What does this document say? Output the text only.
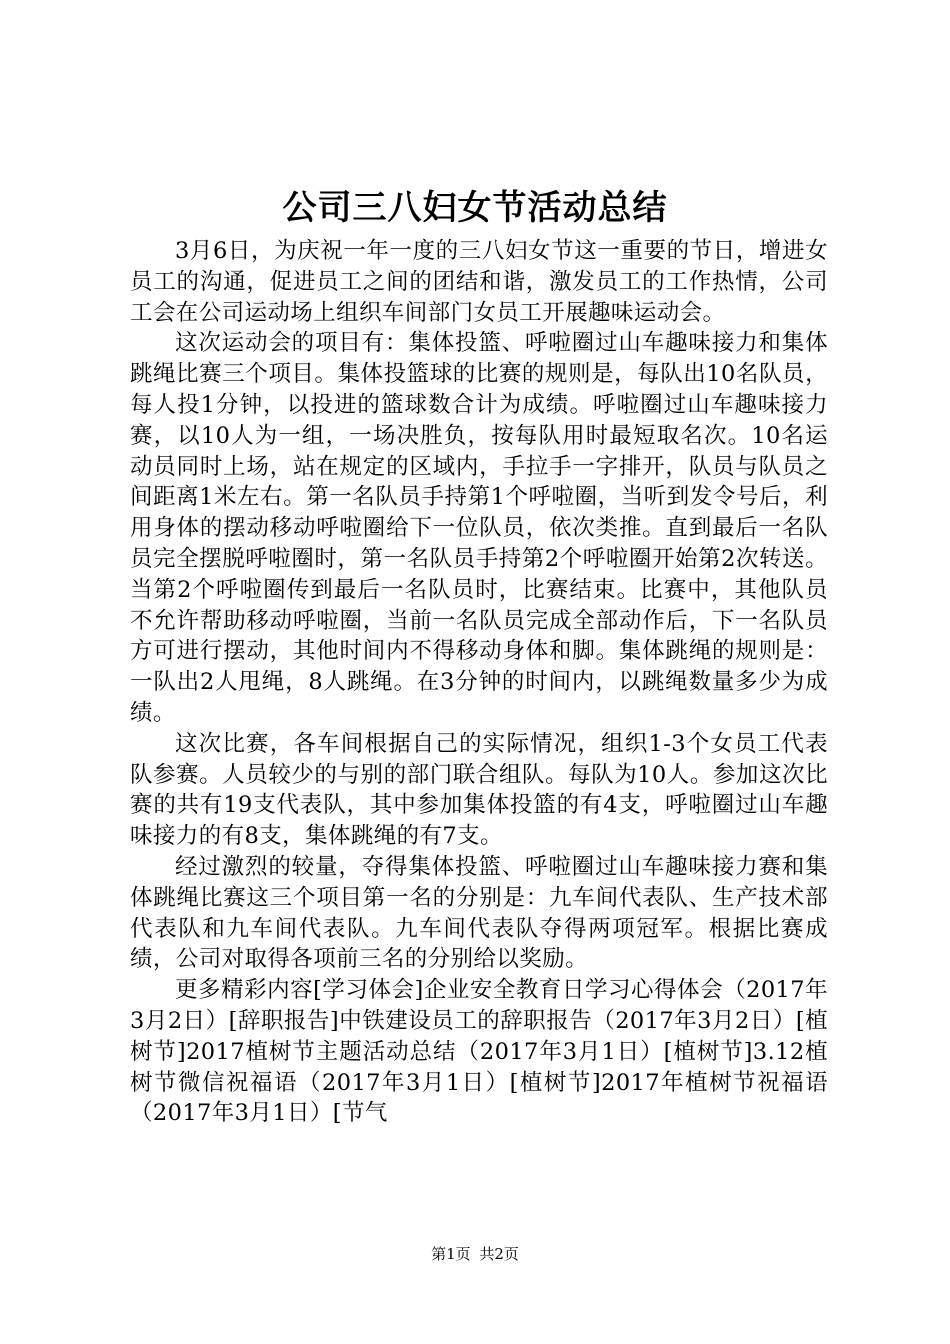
公司三八妇女节活动总结

3月6日，为庆祝一年一度的三八妇女节这一重要的节日，增进女员工的沟通，促进员工之间的团结和谐，激发员工的工作热情，公司工会在公司运动场上组织车间部门女员工开展趣味运动会。

这次运动会的项目有：集体投篮、呼啦圈过山车趣味接力和集体跳绳比赛三个项目。集体投篮球的比赛的规则是，每队出10名队员，每人投1分钟，以投进的篮球数合计为成绩。呼啦圈过山车趣味接力赛，以10人为一组，一场决胜负，按每队用时最短取名次。10名运动员同时上场，站在规定的区域内，手拉手一字排开，队员与队员之间距离1米左右。第一名队员手持第1个呼啦圈，当听到发令号后，利用身体的摆动移动呼啦圈给下一位队员，依次类推。直到最后一名队员完全摆脱呼啦圈时，第一名队员手持第2个呼啦圈开始第2次转送。当第2个呼啦圈传到最后一名队员时，比赛结束。比赛中，其他队员不允许帮助移动呼啦圈，当前一名队员完成全部动作后，下一名队员方可进行摆动，其他时间内不得移动身体和脚。集体跳绳的规则是：一队出2人甩绳，8人跳绳。在3分钟的时间内，以跳绳数量多少为成绩。

这次比赛，各车间根据自己的实际情况，组织1-3个女员工代表队参赛。人员较少的与别的部门联合组队。每队为10人。参加这次比赛的共有19支代表队，其中参加集体投篮的有4支，呼啦圈过山车趣味接力的有8支，集体跳绳的有7支。

经过激烈的较量，夺得集体投篮、呼啦圈过山车趣味接力赛和集体跳绳比赛这三个项目第一名的分别是：九车间代表队、生产技术部代表队和九车间代表队。九车间代表队夺得两项冠军。根据比赛成绩，公司对取得各项前三名的分别给以奖励。

更多精彩内容[学习体会]企业安全教育日学习心得体会（2017年3月2日）[辞职报告]中铁建设员工的辞职报告（2017年3月2日）[植树节]2017植树节主题活动总结（2017年3月1日）[植树节]3.12植树节微信祝福语（2017年3月1日）[植树节]2017年植树节祝福语（2017年3月1日）[节气

第1页 共2页
